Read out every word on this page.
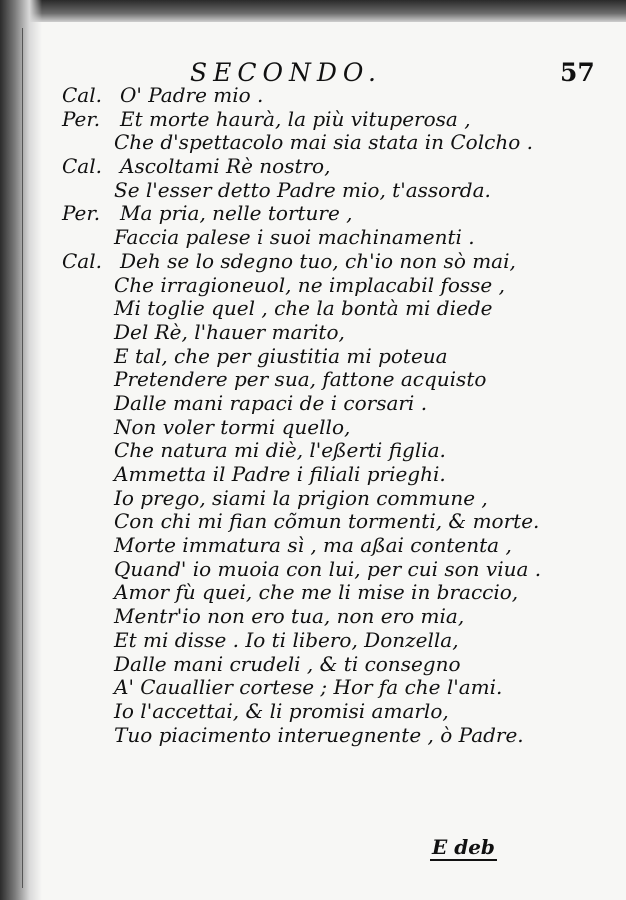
SECONDO.	57
Cal. O' Padre mio .
Per. Et morte haurà, la più vituperosa ,
Che d'spettacolo mai sia stata in Colcho .
Cal. Ascoltami Rè nostro,
Se l'esser detto Padre mio, t'assorda.
Per. Ma pria, nelle torture ,
Faccia palese i suoi machinamenti .
Cal. Deh se lo sdegno tuo, ch'io non sò mai,
Che irragioneuol, ne implacabil fosse ,
Mi toglie quel , che la bontà mi diede
Del Rè, l'hauer marito,
E tal, che per giustitia mi poteua
Pretendere per sua, fattone acquisto
Dalle mani rapaci de i corsari .
Non voler tormi quello,
Che natura mi diè, l'eßerti figlia.
Ammetta il Padre i filiali prieghi.
Io prego, siami la prigion commune ,
Con chi mi fian cõmun tormenti, & morte.
Morte immatura sì , ma aßai contenta ,
Quand' io muoia con lui, per cui son viua .
Amor fù quei, che me li mise in braccio,
Mentr'io non ero tua, non ero mia,
Et mi disse . Io ti libero, Donzella,
Dalle mani crudeli , & ti consegno
A' Cauallier cortese ; Hor fa che l'ami.
Io l'accettai, & li promisi amarlo,
Tuo piacimento interuegnente , ò Padre.
E deb
